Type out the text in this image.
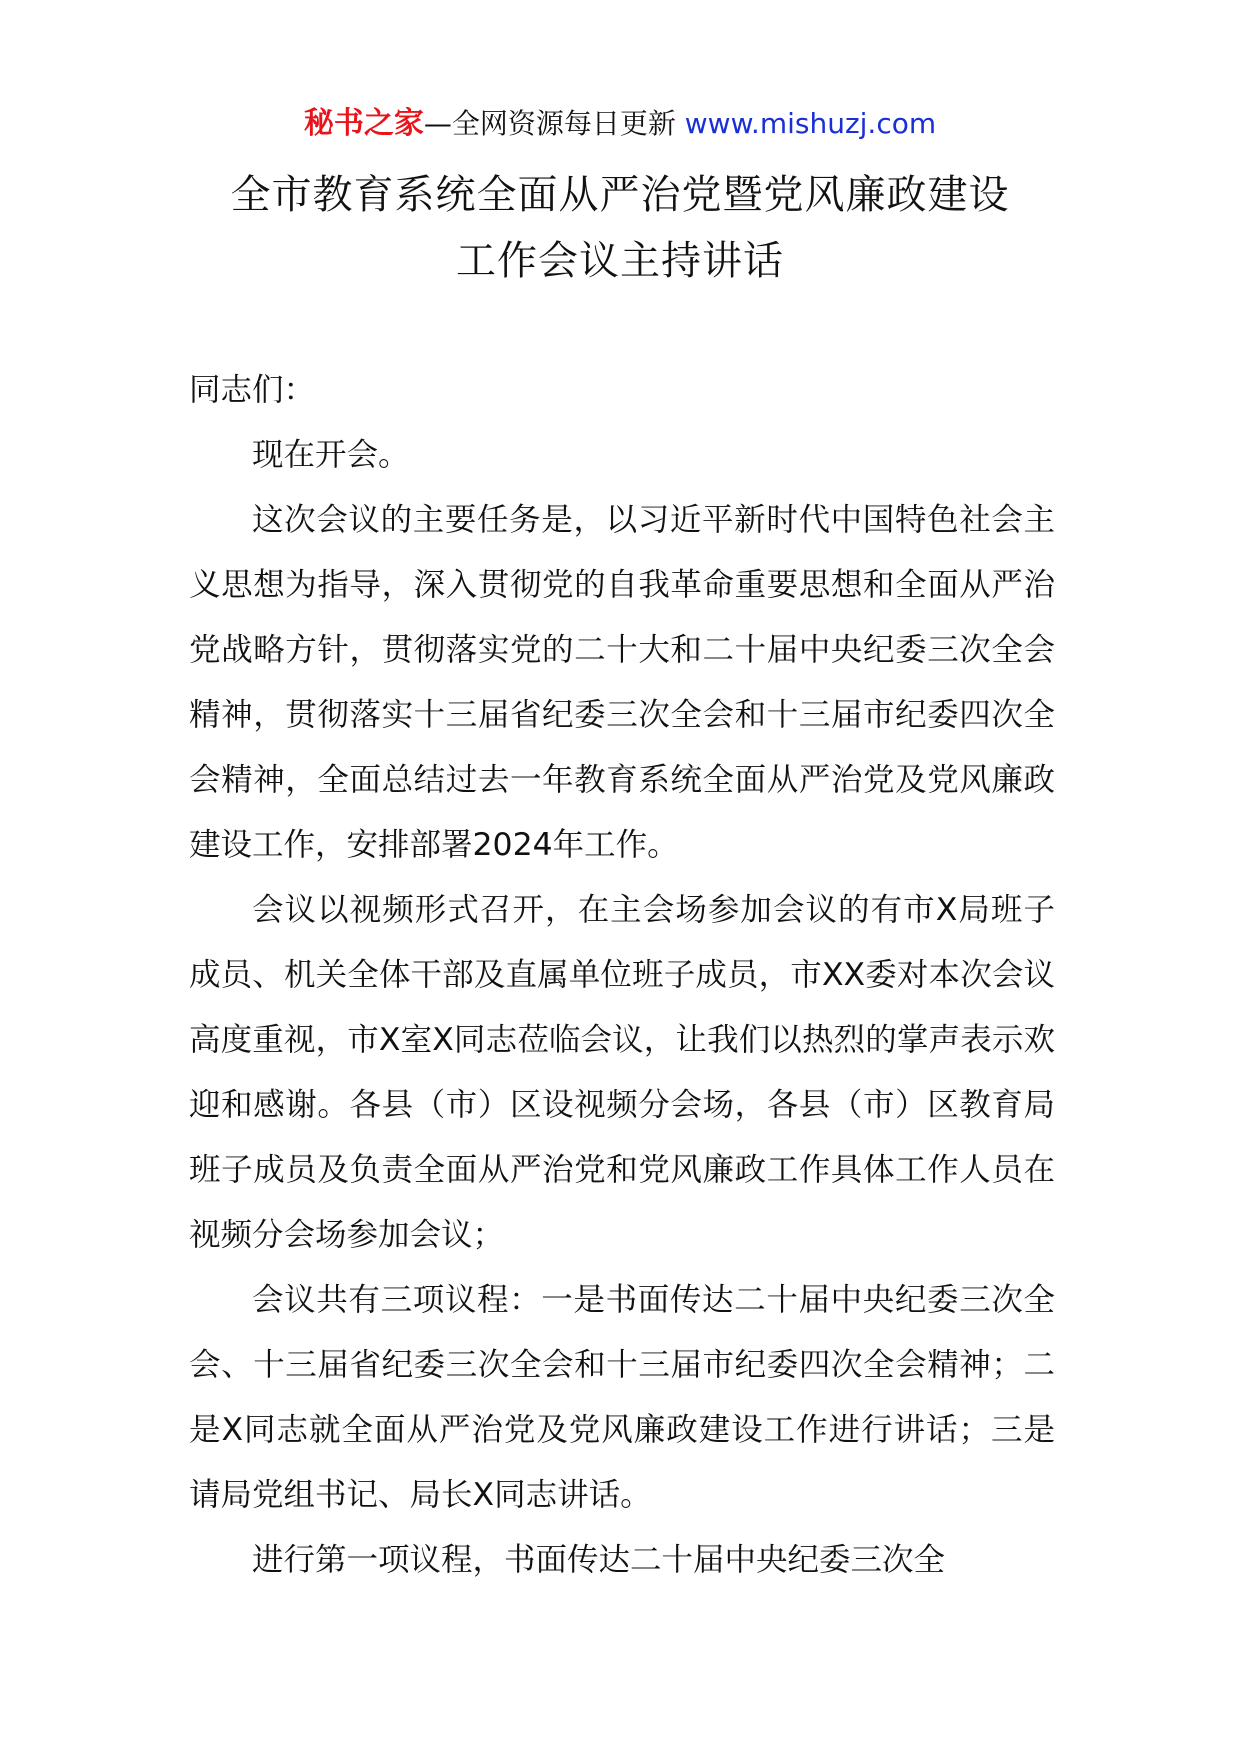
秘书之家—全网资源每日更新 www.mishuzj.com
全市教育系统全面从严治党暨党风廉政建设
工作会议主持讲话

同志们：

现在开会。

这次会议的主要任务是，以习近平新时代中国特色社会主义思想为指导，深入贯彻党的自我革命重要思想和全面从严治党战略方针，贯彻落实党的二十大和二十届中央纪委三次全会精神，贯彻落实十三届省纪委三次全会和十三届市纪委四次全会精神，全面总结过去一年教育系统全面从严治党及党风廉政建设工作，安排部署2024年工作。

会议以视频形式召开，在主会场参加会议的有市X局班子成员、机关全体干部及直属单位班子成员，市XX委对本次会议高度重视，市X室X同志莅临会议，让我们以热烈的掌声表示欢迎和感谢。各县（市）区设视频分会场，各县（市）区教育局班子成员及负责全面从严治党和党风廉政工作具体工作人员在视频分会场参加会议；

会议共有三项议程：一是书面传达二十届中央纪委三次全会、十三届省纪委三次全会和十三届市纪委四次全会精神；二是X同志就全面从严治党及党风廉政建设工作进行讲话；三是请局党组书记、局长X同志讲话。

进行第一项议程，书面传达二十届中央纪委三次全
